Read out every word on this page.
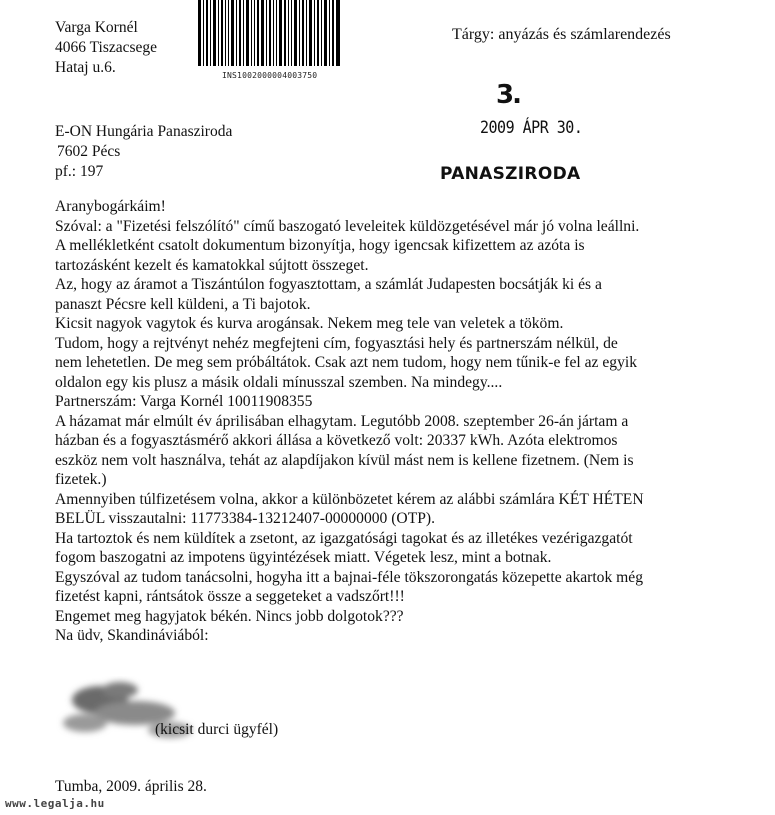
Varga Kornél
4066 Tiszacsege
Hataj u.6.	INS1002000004003750
Tárgy: anyázás és számlarendezés
3.
2009 ÁPR 30.
PANASZIRODA
E-ON Hungária Panasziroda
7602 Pécs
pf.: 197
Aranybogárkáim!
Szóval: a "Fizetési felszólító" című baszogató leveleitek küldözgetésével már jó volna leállni.
A mellékletként csatolt dokumentum bizonyítja, hogy igencsak kifizettem az azóta is
tartozásként kezelt és kamatokkal sújtott összeget.
Az, hogy az áramot a Tiszántúlon fogyasztottam, a számlát Judapesten bocsátják ki és a
panaszt Pécsre kell küldeni, a Ti bajotok.
Kicsit nagyok vagytok és kurva arogánsak. Nekem meg tele van veletek a tököm.
Tudom, hogy a rejtvényt nehéz megfejteni cím, fogyasztási hely és partnerszám nélkül, de
nem lehetetlen. De meg sem próbáltátok. Csak azt nem tudom, hogy nem tűnik-e fel az egyik
oldalon egy kis plusz a másik oldali mínusszal szemben. Na mindegy....
Partnerszám: Varga Kornél 10011908355
A házamat már elmúlt év áprilisában elhagytam. Legutóbb 2008. szeptember 26-án jártam a
házban és a fogyasztásmérő akkori állása a következő volt: 20337 kWh. Azóta elektromos
eszköz nem volt használva, tehát az alapdíjakon kívül mást nem is kellene fizetnem. (Nem is
fizetek.)
Amennyiben túlfizetésem volna, akkor a különbözetet kérem az alábbi számlára KÉT HÉTEN
BELÜL visszautalni: 11773384-13212407-00000000 (OTP).
Ha tartoztok és nem küldítek a zsetont, az igazgatósági tagokat és az illetékes vezérigazgatót
fogom baszogatni az impotens ügyintézések miatt. Végetek lesz, mint a botnak.
Egyszóval az tudom tanácsolni, hogyha itt a bajnai-féle tökszorongatás közepette akartok még
fizetést kapni, rántsátok össze a seggeteket a vadszőrt!!!
Engemet meg hagyjatok békén. Nincs jobb dolgotok???
Na üdv, Skandináviából:
(kicsit durci ügyfél)
Tumba, 2009. április 28.
www.legalja.hu
